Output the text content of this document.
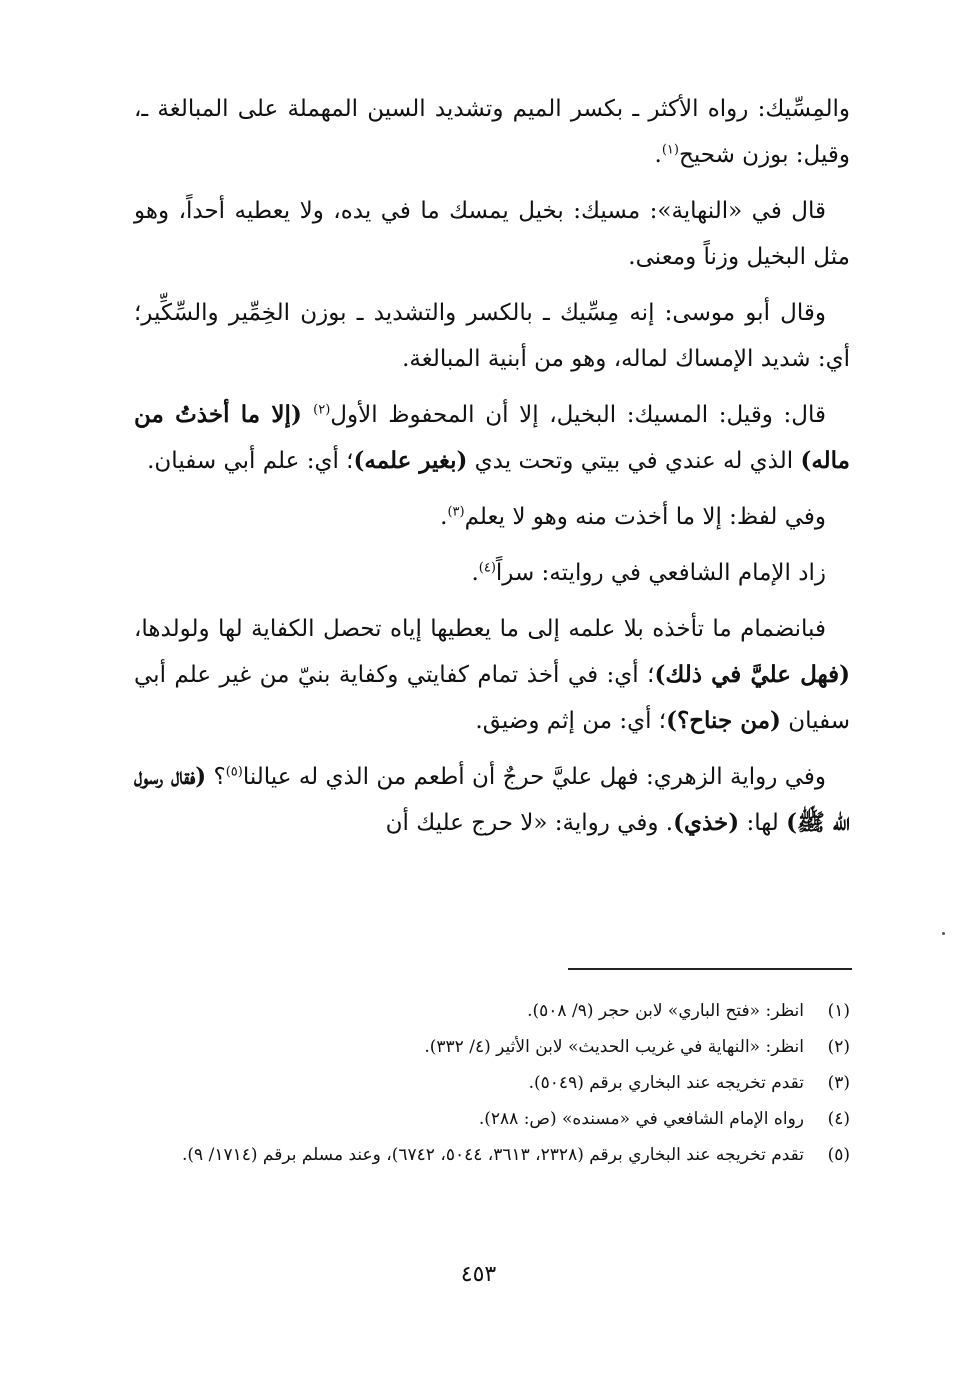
والمِسِّيك: رواه الأكثر ـ بكسر الميم وتشديد السين المهملة على المبالغة ـ، وقيل: بوزن شحيح$^{(١)}$.

قال في «النهاية»: مسيك: بخيل يمسك ما في يده، ولا يعطيه أحداً، وهو مثل البخيل وزناً ومعنى.

وقال أبو موسى: إنه مِسِّيك ـ بالكسر والتشديد ـ بوزن الخِمِّير والسِّكِّير؛ أي: شديد الإمساك لماله، وهو من أبنية المبالغة.

قال: وقيل: المسيك: البخيل، إلا أن المحفوظ الأول$^{(٢)}$ (إلا ما أخذتُ من ماله) الذي له عندي في بيتي وتحت يدي (بغير علمه)؛ أي: علم أبي سفيان.

وفي لفظ: إلا ما أخذت منه وهو لا يعلم$^{(٣)}$.

زاد الإمام الشافعي في روايته: سراً$^{(٤)}$.

فبانضمام ما تأخذه بلا علمه إلى ما يعطيها إياه تحصل الكفاية لها ولولدها، (فهل عليَّ في ذلك)؛ أي: في أخذ تمام كفايتي وكفاية بنيّ من غير علم أبي سفيان (من جناح؟)؛ أي: من إثم وضيق.

وفي رواية الزهري: فهل عليَّ حرجٌ أن أطعم من الذي له عيالنا$^{(٥)}$؟ (فقال رسول الله ﷺ) لها: (خذي). وفي رواية: «لا حرج عليك أن

(١)
انظر: «فتح الباري» لابن حجر (٩/ ٥٠٨).
(٢)
انظر: «النهاية في غريب الحديث» لابن الأثير (٤/ ٣٣٢).
(٣)
تقدم تخريجه عند البخاري برقم (٥٠٤٩).
(٤)
رواه الإمام الشافعي في «مسنده» (ص: ٢٨٨).
(٥)
تقدم تخريجه عند البخاري برقم (٢٣٢٨، ٣٦١٣، ٥٠٤٤، ٦٧٤٢)، وعند مسلم برقم (١٧١٤/ ٩).
٤٥٣
